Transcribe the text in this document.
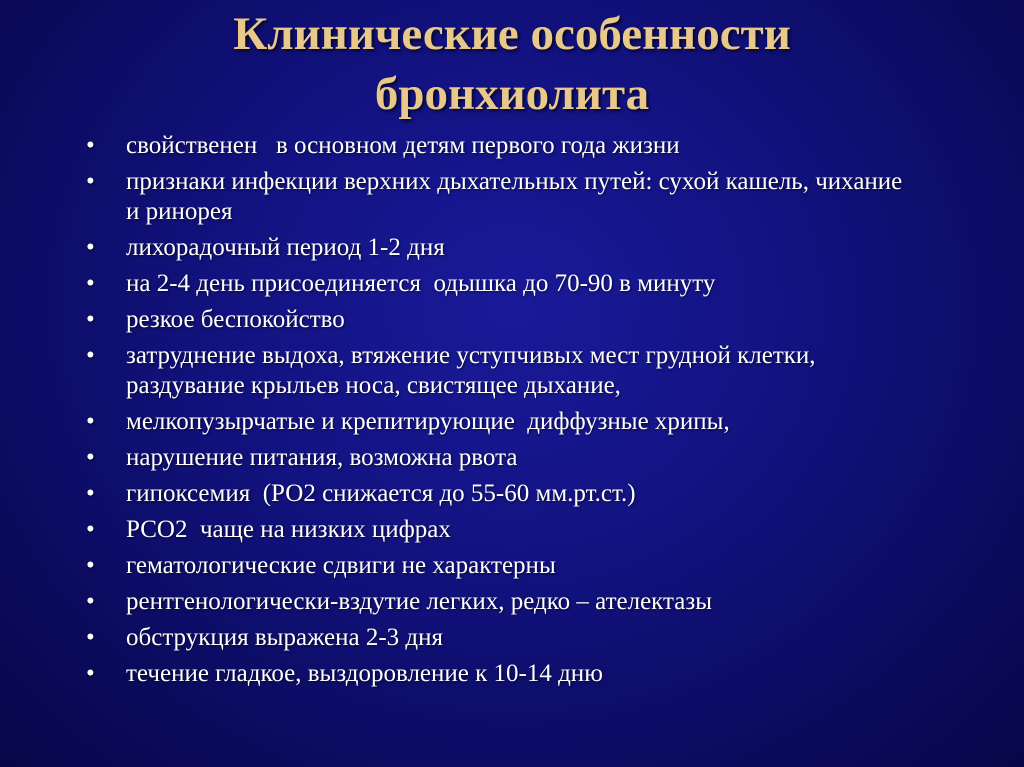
Клинические особенности
бронхиолита
•	свойственен   в основном детям первого года жизни
•	признаки инфекции верхних дыхательных путей: сухой кашель, чихание и ринорея
•	лихорадочный период 1-2 дня
•	на 2-4 день присоединяется  одышка до 70-90 в минуту
•	резкое беспокойство
•	затруднение выдоха, втяжение уступчивых мест грудной клетки, раздувание крыльев носа, свистящее дыхание,
•	мелкопузырчатые и крепитирующие  диффузные хрипы,
•	нарушение питания, возможна рвота
•	гипоксемия  (РО2 снижается до 55-60 мм.рт.ст.)
•	РСО2  чаще на низких цифрах
•	гематологические сдвиги не характерны
•	рентгенологически-вздутие легких, редко – ателектазы
•	обструкция выражена 2-3 дня
•	течение гладкое, выздоровление к 10-14 дню
